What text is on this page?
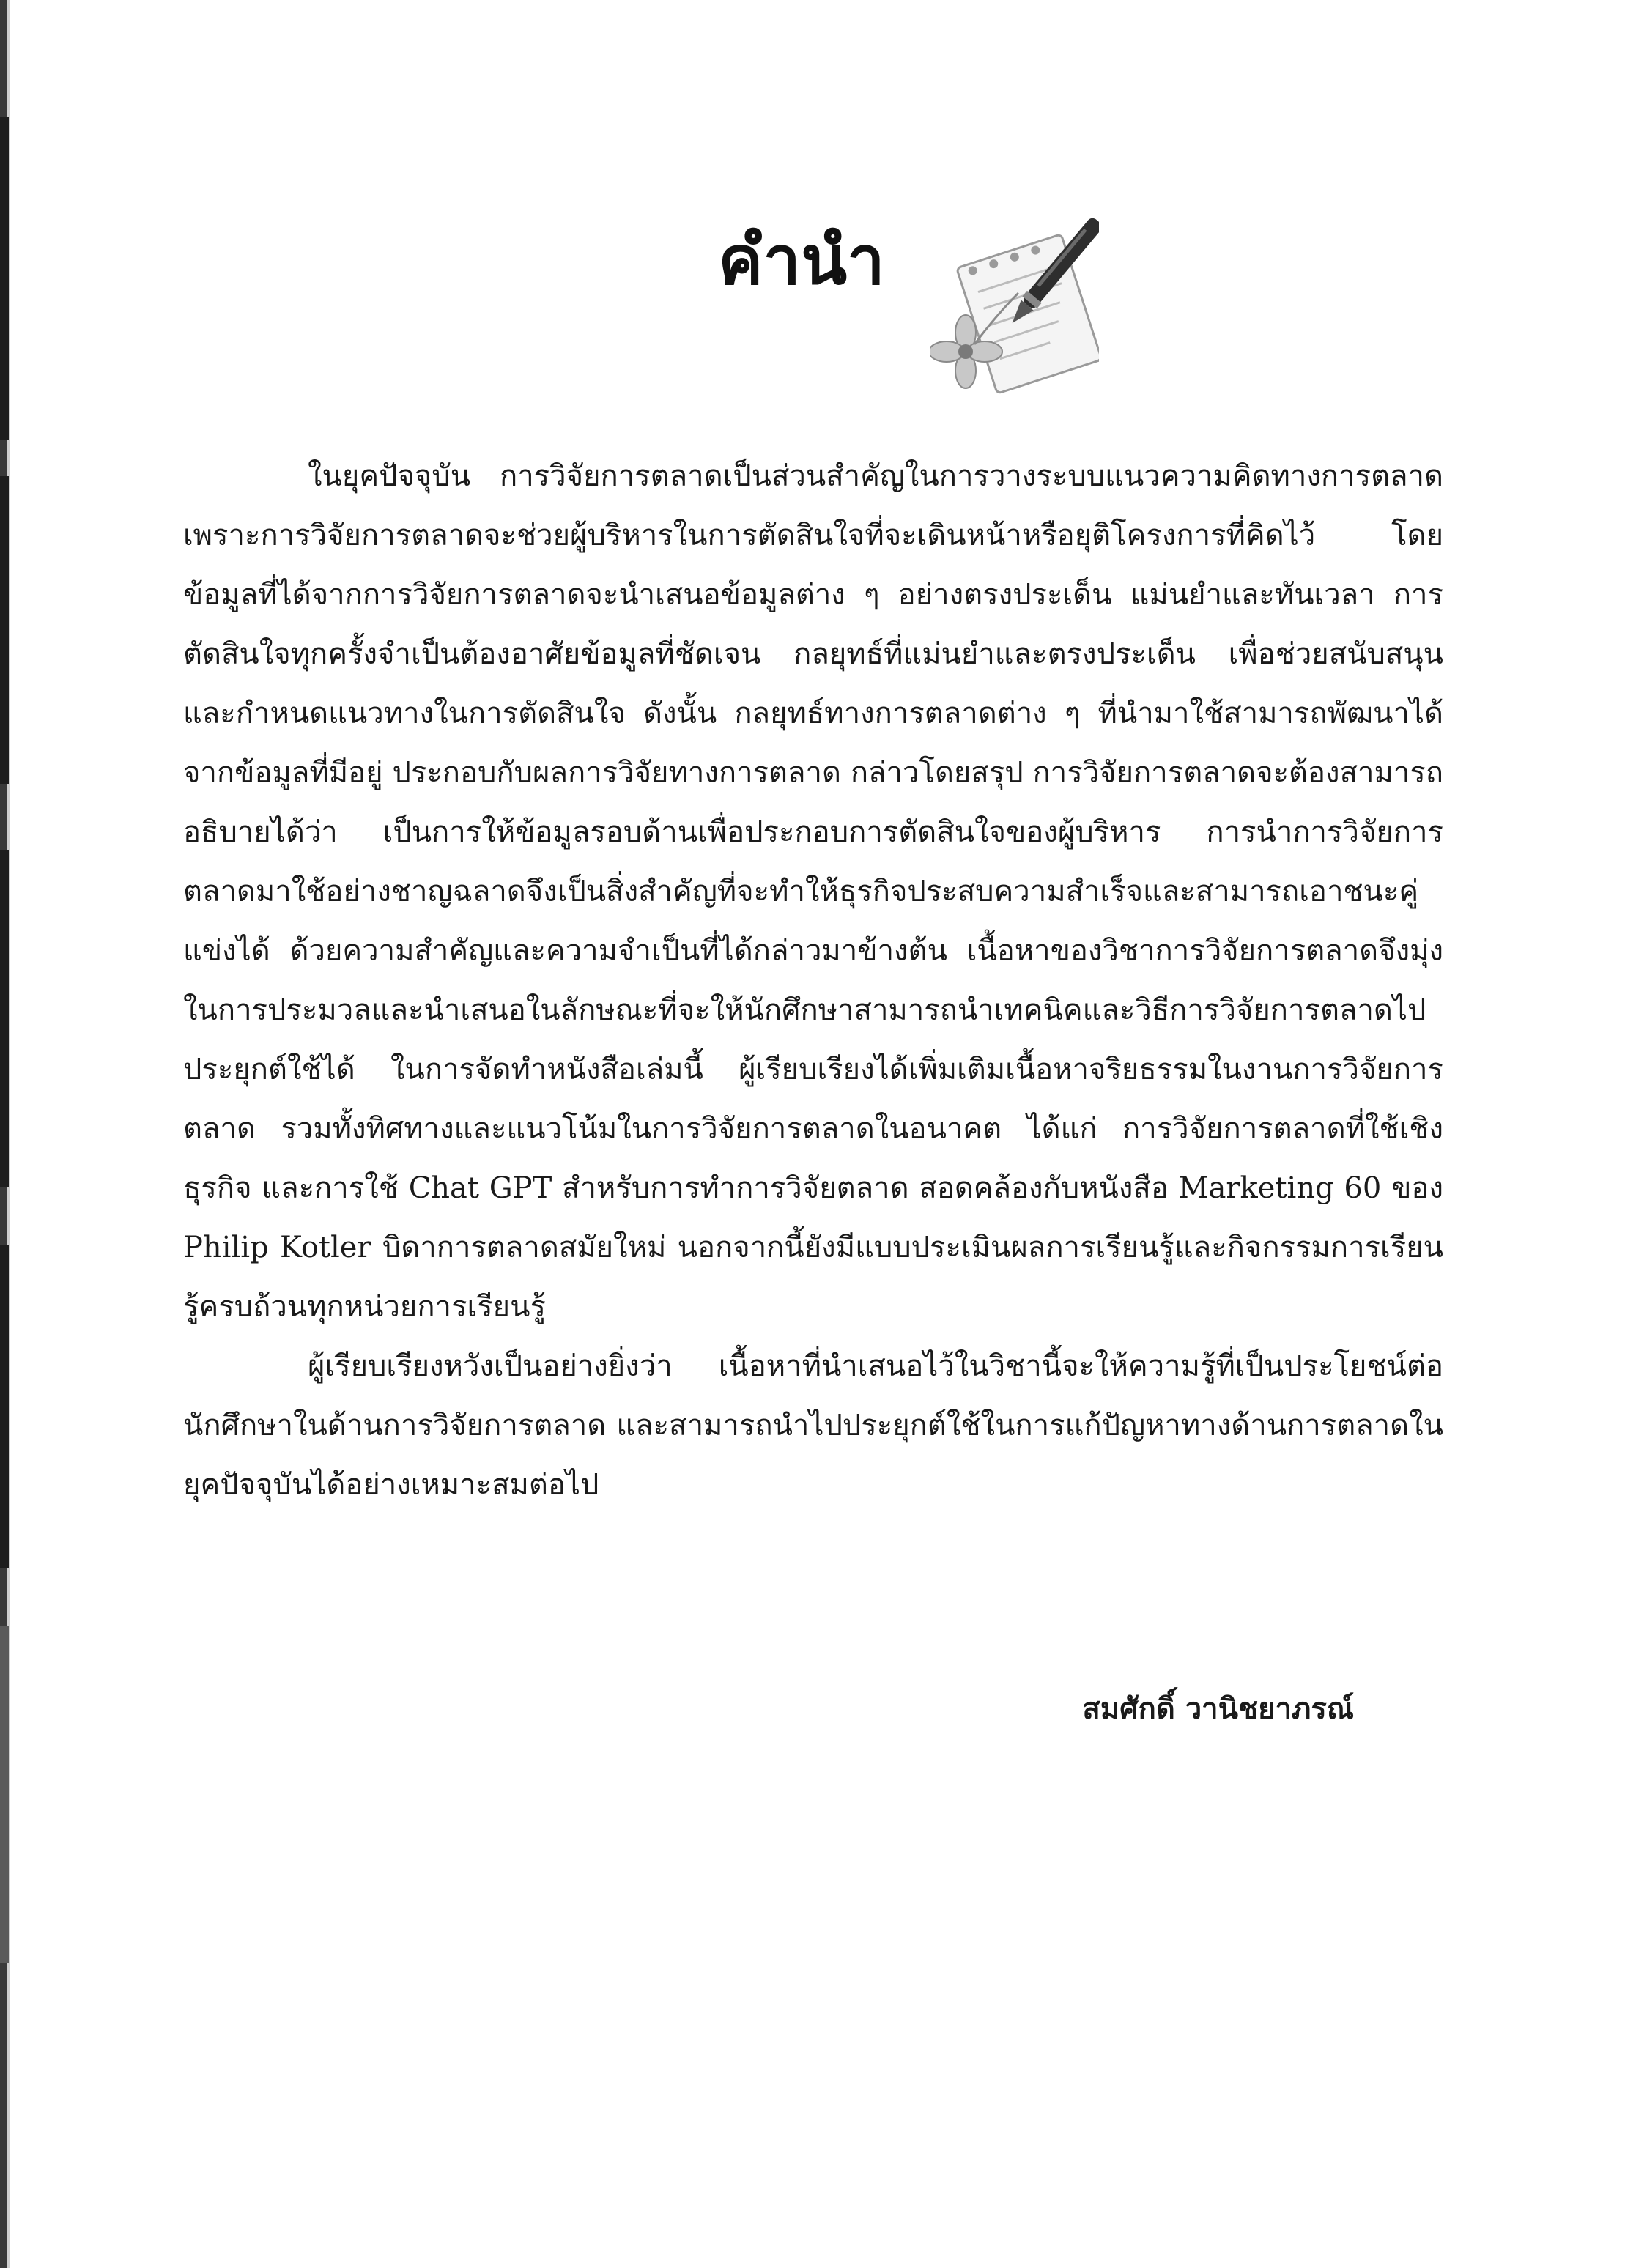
คำนำ

ในยุคปัจจุบัน การวิจัยการตลาดเป็นส่วนสำคัญในการวางระบบแนวความคิดทางการตลาด เพราะการวิจัยการตลาดจะช่วยผู้บริหารในการตัดสินใจที่จะเดินหน้าหรือยุติโครงการที่คิดไว้ โดยข้อมูลที่ได้จากการวิจัยการตลาดจะนำเสนอข้อมูลต่าง ๆ อย่างตรงประเด็น แม่นยำและทันเวลา การตัดสินใจทุกครั้งจำเป็นต้องอาศัยข้อมูลที่ชัดเจน กลยุทธ์ที่แม่นยำและตรงประเด็น เพื่อช่วยสนับสนุนและกำหนดแนวทางในการตัดสินใจ ดังนั้น กลยุทธ์ทางการตลาดต่าง ๆ ที่นำมาใช้สามารถพัฒนาได้จากข้อมูลที่มีอยู่ ประกอบกับผลการวิจัยทางการตลาด กล่าวโดยสรุป การวิจัยการตลาดจะต้องสามารถอธิบายได้ว่า เป็นการให้ข้อมูลรอบด้านเพื่อประกอบการตัดสินใจของผู้บริหาร การนำการวิจัยการตลาดมาใช้อย่างชาญฉลาดจึงเป็นสิ่งสำคัญที่จะทำให้ธุรกิจประสบความสำเร็จและสามารถเอาชนะคู่แข่งได้ ด้วยความสำคัญและความจำเป็นที่ได้กล่าวมาข้างต้น เนื้อหาของวิชาการวิจัยการตลาดจึงมุ่งในการประมวลและนำเสนอในลักษณะที่จะให้นักศึกษาสามารถนำเทคนิคและวิธีการวิจัยการตลาดไปประยุกต์ใช้ได้ ในการจัดทำหนังสือเล่มนี้ ผู้เรียบเรียงได้เพิ่มเติมเนื้อหาจริยธรรมในงานการวิจัยการตลาด รวมทั้งทิศทางและแนวโน้มในการวิจัยการตลาดในอนาคต ได้แก่ การวิจัยการตลาดที่ใช้เชิงธุรกิจ และการใช้ Chat GPT สำหรับการทำการวิจัยตลาด สอดคล้องกับหนังสือ Marketing 60 ของ Philip Kotler บิดาการตลาดสมัยใหม่ นอกจากนี้ยังมีแบบประเมินผลการเรียนรู้และกิจกรรมการเรียนรู้ครบถ้วนทุกหน่วยการเรียนรู้

ผู้เรียบเรียงหวังเป็นอย่างยิ่งว่า เนื้อหาที่นำเสนอไว้ในวิชานี้จะให้ความรู้ที่เป็นประโยชน์ต่อนักศึกษาในด้านการวิจัยการตลาด และสามารถนำไปประยุกต์ใช้ในการแก้ปัญหาทางด้านการตลาดในยุคปัจจุบันได้อย่างเหมาะสมต่อไป

สมศักดิ์ วานิชยาภรณ์
